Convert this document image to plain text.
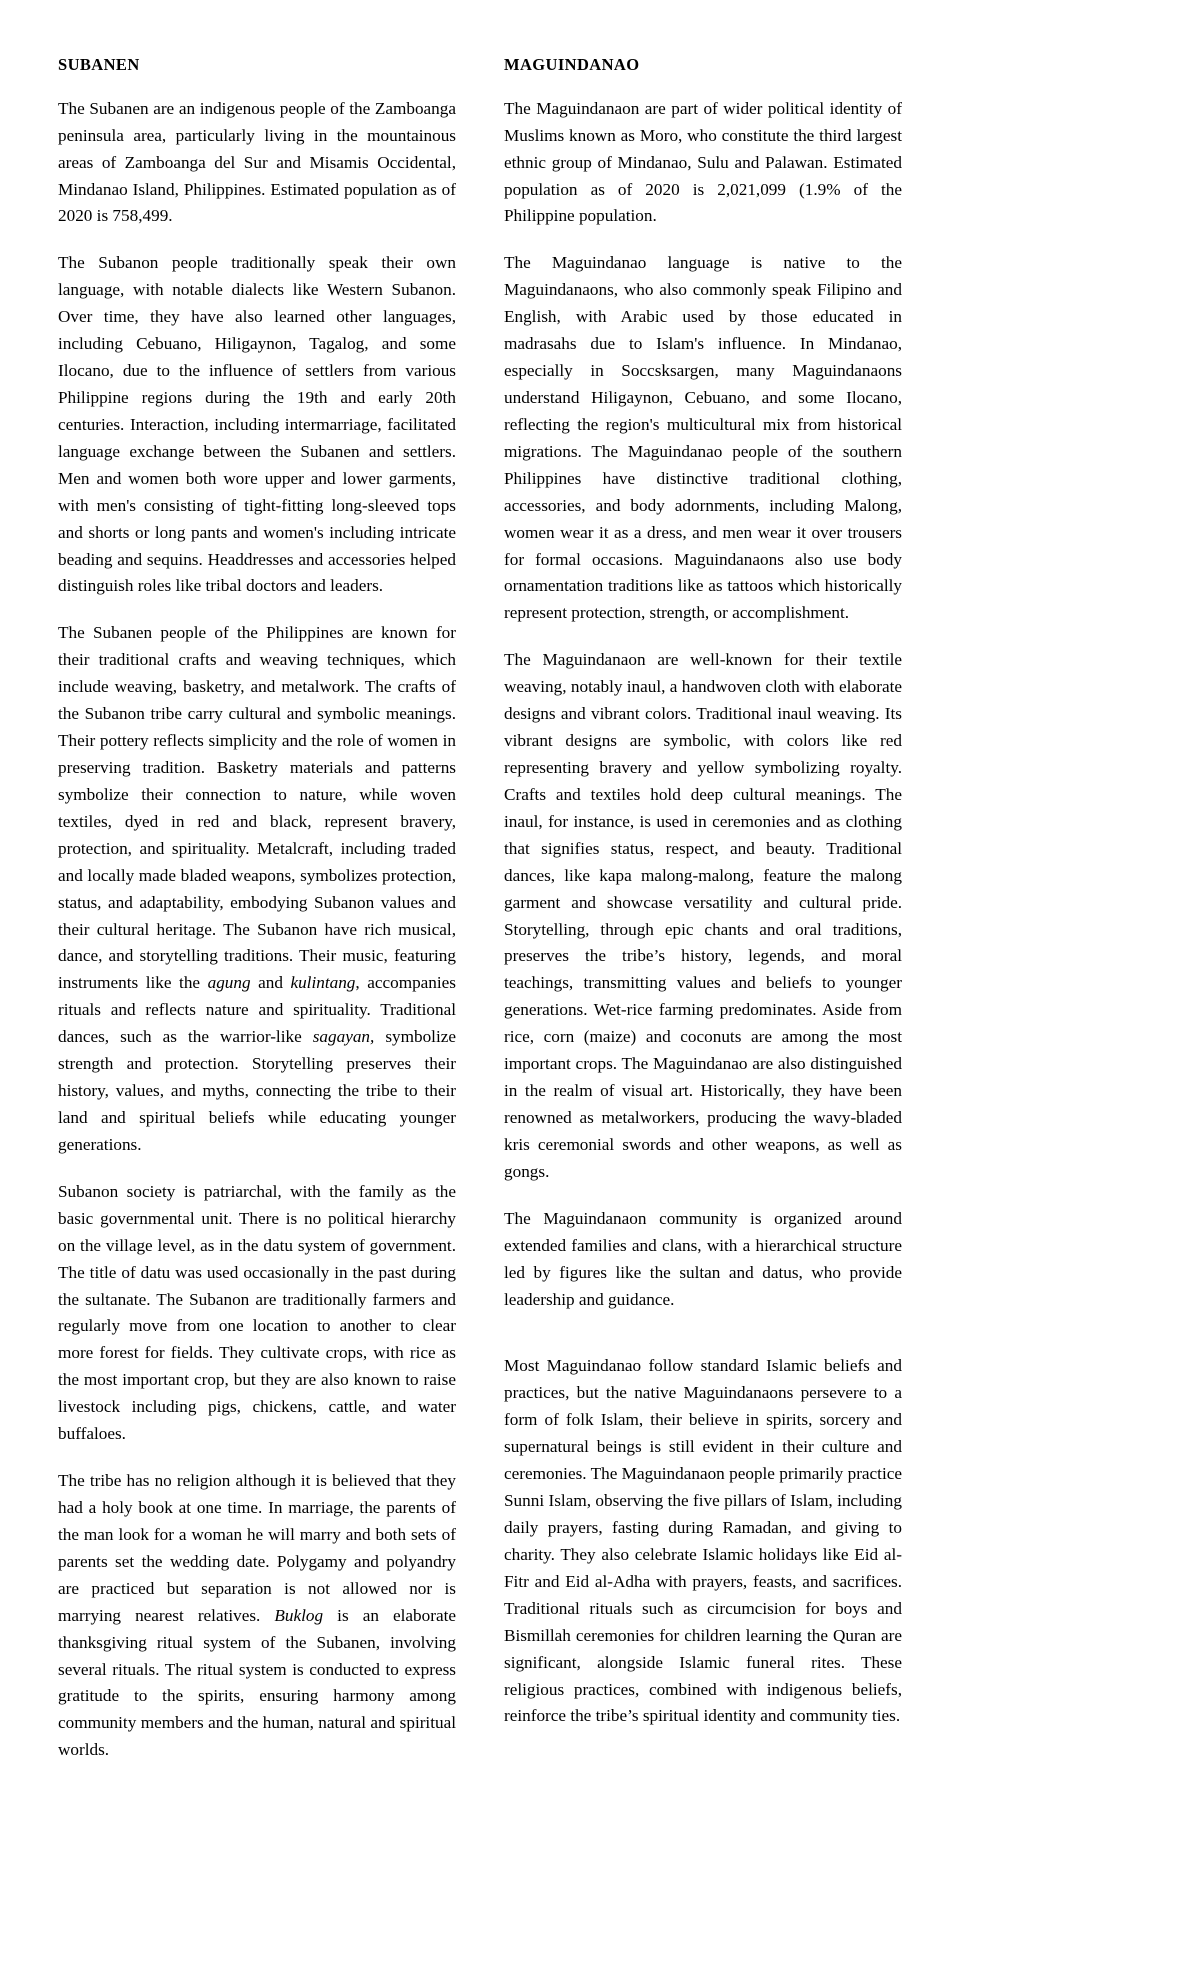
SUBANEN

The Subanen are an indigenous people of the Zamboanga peninsula area, particularly living in the mountainous areas of Zamboanga del Sur and Misamis Occidental, Mindanao Island, Philippines. Estimated population as of 2020 is 758,499.

The Subanon people traditionally speak their own language, with notable dialects like Western Subanon. Over time, they have also learned other languages, including Cebuano, Hiligaynon, Tagalog, and some Ilocano, due to the influence of settlers from various Philippine regions during the 19th and early 20th centuries. Interaction, including intermarriage, facilitated language exchange between the Subanen and settlers. Men and women both wore upper and lower garments, with men's consisting of tight-fitting long-sleeved tops and shorts or long pants and women's including intricate beading and sequins. Headdresses and accessories helped distinguish roles like tribal doctors and leaders.

The Subanen people of the Philippines are known for their traditional crafts and weaving techniques, which include weaving, basketry, and metalwork. The crafts of the Subanon tribe carry cultural and symbolic meanings. Their pottery reflects simplicity and the role of women in preserving tradition. Basketry materials and patterns symbolize their connection to nature, while woven textiles, dyed in red and black, represent bravery, protection, and spirituality. Metalcraft, including traded and locally made bladed weapons, symbolizes protection, status, and adaptability, embodying Subanon values and their cultural heritage. The Subanon have rich musical, dance, and storytelling traditions. Their music, featuring instruments like the agung and kulintang, accompanies rituals and reflects nature and spirituality. Traditional dances, such as the warrior-like sagayan, symbolize strength and protection. Storytelling preserves their history, values, and myths, connecting the tribe to their land and spiritual beliefs while educating younger generations.

Subanon society is patriarchal, with the family as the basic governmental unit. There is no political hierarchy on the village level, as in the datu system of government. The title of datu was used occasionally in the past during the sultanate. The Subanon are traditionally farmers and regularly move from one location to another to clear more forest for fields. They cultivate crops, with rice as the most important crop, but they are also known to raise livestock including pigs, chickens, cattle, and water buffaloes.

The tribe has no religion although it is believed that they had a holy book at one time. In marriage, the parents of the man look for a woman he will marry and both sets of parents set the wedding date. Polygamy and polyandry are practiced but separation is not allowed nor is marrying nearest relatives. Buklog is an elaborate thanksgiving ritual system of the Subanen, involving several rituals. The ritual system is conducted to express gratitude to the spirits, ensuring harmony among community members and the human, natural and spiritual worlds.

MAGUINDANAO

The Maguindanaon are part of wider political identity of Muslims known as Moro, who constitute the third largest ethnic group of Mindanao, Sulu and Palawan. Estimated population as of 2020 is 2,021,099 (1.9% of the Philippine population.

The Maguindanao language is native to the Maguindanaons, who also commonly speak Filipino and English, with Arabic used by those educated in madrasahs due to Islam's influence. In Mindanao, especially in Soccsksargen, many Maguindanaons understand Hiligaynon, Cebuano, and some Ilocano, reflecting the region's multicultural mix from historical migrations. The Maguindanao people of the southern Philippines have distinctive traditional clothing, accessories, and body adornments, including Malong, women wear it as a dress, and men wear it over trousers for formal occasions. Maguindanaons also use body ornamentation traditions like as tattoos which historically represent protection, strength, or accomplishment.

The Maguindanaon are well-known for their textile weaving, notably inaul, a handwoven cloth with elaborate designs and vibrant colors. Traditional inaul weaving. Its vibrant designs are symbolic, with colors like red representing bravery and yellow symbolizing royalty. Crafts and textiles hold deep cultural meanings. The inaul, for instance, is used in ceremonies and as clothing that signifies status, respect, and beauty. Traditional dances, like kapa malong-malong, feature the malong garment and showcase versatility and cultural pride. Storytelling, through epic chants and oral traditions, preserves the tribe’s history, legends, and moral teachings, transmitting values and beliefs to younger generations. Wet-rice farming predominates. Aside from rice, corn (maize) and coconuts are among the most important crops. The Maguindanao are also distinguished in the realm of visual art. Historically, they have been renowned as metalworkers, producing the wavy-bladed kris ceremonial swords and other weapons, as well as gongs.

The Maguindanaon community is organized around extended families and clans, with a hierarchical structure led by figures like the sultan and datus, who provide leadership and guidance.

Most Maguindanao follow standard Islamic beliefs and practices, but the native Maguindanaons persevere to a form of folk Islam, their believe in spirits, sorcery and supernatural beings is still evident in their culture and ceremonies. The Maguindanaon people primarily practice Sunni Islam, observing the five pillars of Islam, including daily prayers, fasting during Ramadan, and giving to charity. They also celebrate Islamic holidays like Eid al-Fitr and Eid al-Adha with prayers, feasts, and sacrifices. Traditional rituals such as circumcision for boys and Bismillah ceremonies for children learning the Quran are significant, alongside Islamic funeral rites. These religious practices, combined with indigenous beliefs, reinforce the tribe’s spiritual identity and community ties.
